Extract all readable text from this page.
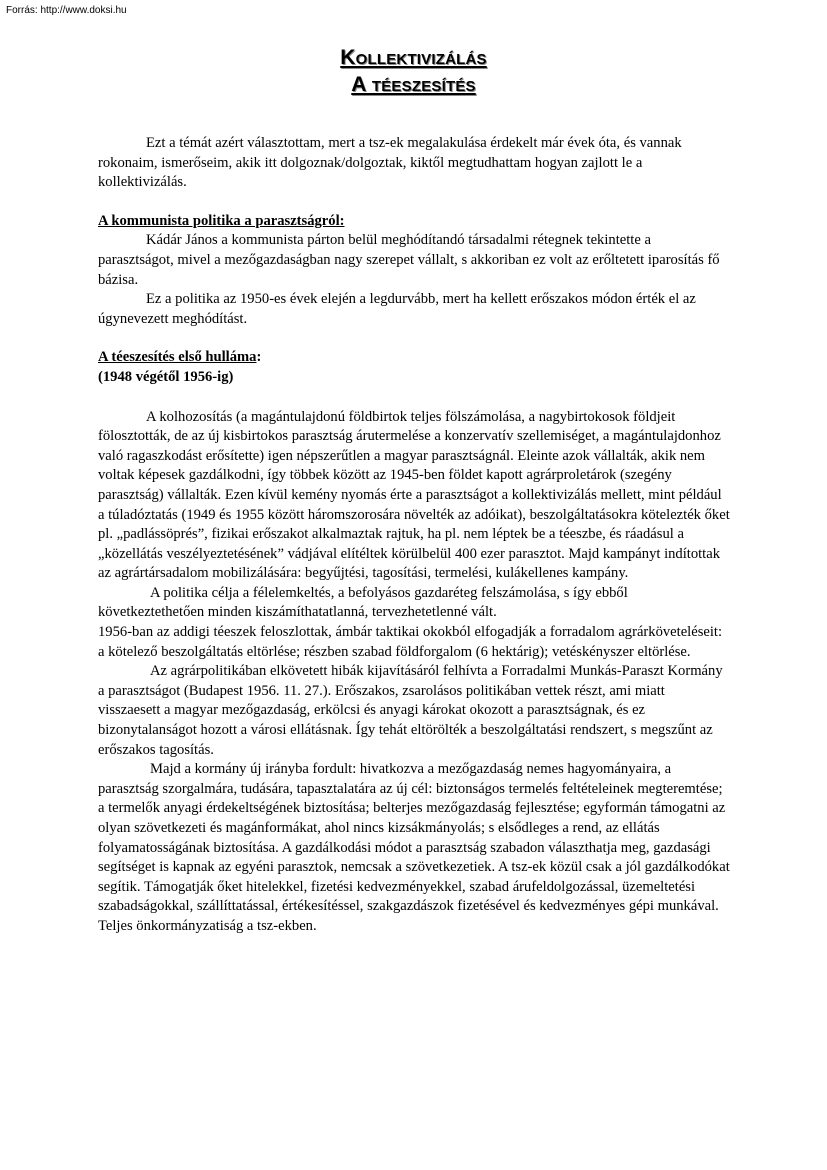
Forrás: http://www.doksi.hu
Kollektivizálás
A téeszesítés

Ezt a témát azért választottam, mert a tsz-ek megalakulása érdekelt már évek óta, és vannak rokonaim, ismerőseim, akik itt dolgoznak/dolgoztak, kiktől megtudhattam hogyan zajlott le a kollektivizálás.

A kommunista politika a parasztságról:

Kádár János a kommunista párton belül meghódítandó társadalmi rétegnek tekintette a parasztságot, mivel a mezőgazdaságban nagy szerepet vállalt, s akkoriban ez volt az erőltetett iparosítás fő bázisa.

Ez a politika az 1950-es évek elején a legdurvább, mert ha kellett erőszakos módon érték el az úgynevezett meghódítást.

A téeszesítés első hulláma:

(1948 végétől 1956-ig)

A kolhozosítás (a magántulajdonú földbirtok teljes fölszámolása, a nagybirtokosok földjeit fölosztották, de az új kisbirtokos parasztság árutermelése a konzervatív szellemiséget, a magántulajdonhoz való ragaszkodást erősítette) igen népszerűtlen a magyar parasztságnál. Eleinte azok vállalták, akik nem voltak képesek gazdálkodni, így többek között az 1945-ben földet kapott agrárproletárok (szegény parasztság) vállalták. Ezen kívül kemény nyomás érte a parasztságot a kollektivizálás mellett, mint például a túladóztatás (1949 és 1955 között háromszorosára növelték az adóikat), beszolgáltatásokra kötelezték őket pl. „padlássöprés”, fizikai erőszakot alkalmaztak rajtuk, ha pl. nem léptek be a téeszbe, és ráadásul a „közellátás veszélyeztetésének” vádjával elítéltek körülbelül 400 ezer parasztot. Majd kampányt indítottak az agrártársadalom mobilizálására: begyűjtési, tagosítási, termelési, kulákellenes kampány.

A politika célja a félelemkeltés, a befolyásos gazdaréteg felszámolása, s így ebből következtethetően minden kiszámíthatatlanná, tervezhetetlenné vált.

1956-ban az addigi téeszek feloszlottak, ámbár taktikai okokból elfogadják a forradalom agrárköveteléseit: a kötelező beszolgáltatás eltörlése; részben szabad földforgalom (6 hektárig); vetéskényszer eltörlése.

Az agrárpolitikában elkövetett hibák kijavításáról felhívta a Forradalmi Munkás-Paraszt Kormány a parasztságot (Budapest 1956. 11. 27.). Erőszakos, zsarolásos politikában vettek részt, ami miatt visszaesett a magyar mezőgazdaság, erkölcsi és anyagi károkat okozott a parasztságnak, és ez bizonytalanságot hozott a városi ellátásnak. Így tehát eltörölték a beszolgáltatási rendszert, s megszűnt az erőszakos tagosítás.

Majd a kormány új irányba fordult: hivatkozva a mezőgazdaság nemes hagyományaira, a parasztság szorgalmára, tudására, tapasztalatára az új cél: biztonságos termelés feltételeinek megteremtése; a termelők anyagi érdekeltségének biztosítása; belterjes mezőgazdaság fejlesztése; egyformán támogatni az olyan szövetkezeti és magánformákat, ahol nincs kizsákmányolás; s elsődleges a rend, az ellátás folyamatosságának biztosítása. A gazdálkodási módot a parasztság szabadon választhatja meg, gazdasági segítséget is kapnak az egyéni parasztok, nemcsak a szövetkezetiek. A tsz-ek közül csak a jól gazdálkodókat segítik. Támogatják őket hitelekkel, fizetési kedvezményekkel, szabad árufeldolgozással, üzemeltetési szabadságokkal, szállíttatással, értékesítéssel, szakgazdászok fizetésével és kedvezményes gépi munkával. Teljes önkormányzatiság a tsz-ekben.
